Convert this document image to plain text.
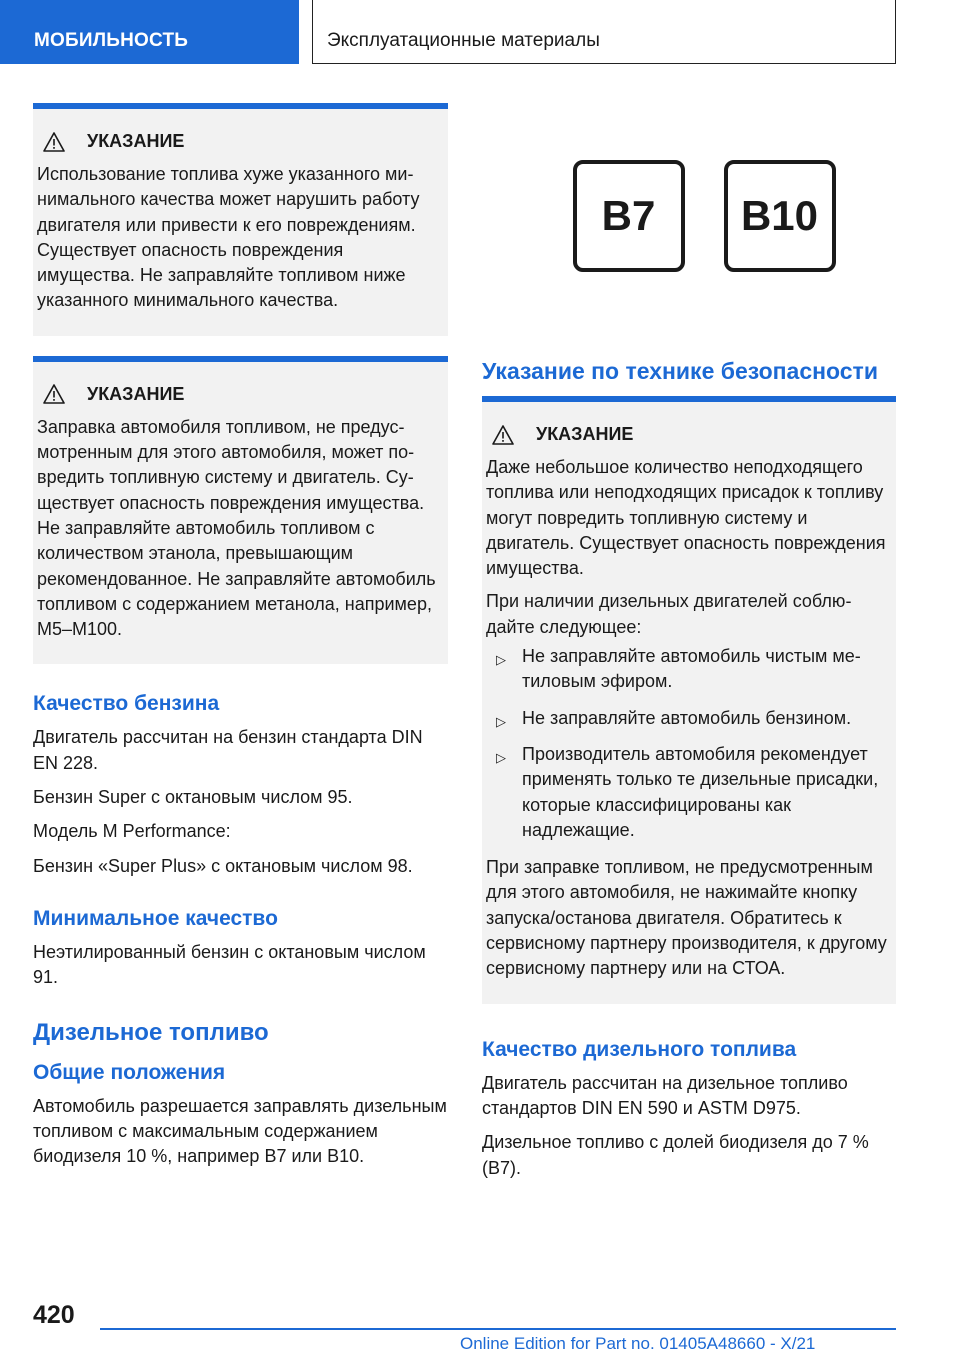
МОБИЛЬНОСТЬ	Эксплуатационные материалы
УКАЗАНИЕ

Использование топлива хуже указанного минимального качества может нарушить работу двигателя или привести к его повреждениям. Существует опасность повреждения имущества. Не заправляйте топливом ниже указанного минимального качества.

УКАЗАНИЕ

Заправка автомобиля топливом, не предусмотренным для этого автомобиля, может повредить топливную систему и двигатель. Существует опасность повреждения имущества. Не заправляйте автомобиль топливом с количеством этанола, превышающим рекомендованное. Не заправляйте автомобиль топливом с содержанием метанола, например, M5–M100.

Качество бензина

Двигатель рассчитан на бензин стандарта DIN EN 228.

Бензин Super с октановым числом 95.

Модель M Performance:

Бензин «Super Plus» с октановым числом 98.

Минимальное качество

Неэтилированный бензин с октановым числом 91.

Дизельное топливо
Общие положения

Автомобиль разрешается заправлять дизельным топливом с максимальным содержанием биодизеля 10 %, например B7 или B10.

B7	B10
Указание по технике безопасности
УКАЗАНИЕ

Даже небольшое количество неподходящего топлива или неподходящих присадок к топливу могут повредить топливную систему и двигатель. Существует опасность повреждения имущества.

При наличии дизельных двигателей соблюдайте следующее:

▷ Не заправляйте автомобиль чистым метиловым эфиром.
▷ Не заправляйте автомобиль бензином.
▷ Производитель автомобиля рекомендует применять только те дизельные присадки, которые классифицированы как надлежащие.

При заправке топливом, не предусмотренным для этого автомобиля, не нажимайте кнопку запуска/останова двигателя. Обратитесь к сервисному партнеру производителя, к другому сервисному партнеру или на СТОА.

Качество дизельного топлива

Двигатель рассчитан на дизельное топливо стандартов DIN EN 590 и ASTM D975.

Дизельное топливо с долей биодизеля до 7 % (B7).

420
Online Edition for Part no. 01405A48660 - X/21
